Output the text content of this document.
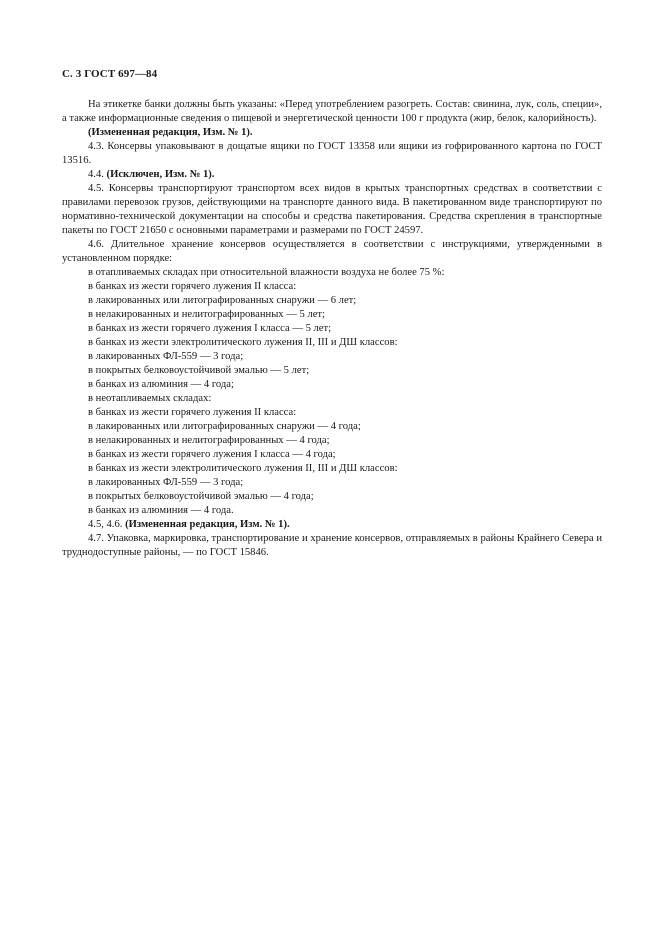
С. 3 ГОСТ 697—84

На этикетке банки должны быть указаны: «Перед употреблением разогреть. Состав: свинина, лук, соль, специи», а также информационные сведения о пищевой и энергетической ценности 100 г продукта (жир, белок, калорийность).

(Измененная редакция, Изм. № 1).

4.3. Консервы упаковывают в дощатые ящики по ГОСТ 13358 или ящики из гофрированного картона по ГОСТ 13516.

4.4. (Исключен, Изм. № 1).

4.5. Консервы транспортируют транспортом всех видов в крытых транспортных средствах в соответствии с правилами перевозок грузов, действующими на транспорте данного вида. В пакетированном виде транспортируют по нормативно-технической документации на способы и средства пакетирования. Средства скрепления в транспортные пакеты по ГОСТ 21650 с основными параметрами и размерами по ГОСТ 24597.

4.6. Длительное хранение консервов осуществляется в соответствии с инструкциями, утвержденными в установленном порядке:

в отапливаемых складах при относительной влажности воздуха не более 75 %:

в банках из жести горячего лужения II класса:

в лакированных или литографированных снаружи — 6 лет;

в нелакированных и нелитографированных — 5 лет;

в банках из жести горячего лужения I класса — 5 лет;

в банках из жести электролитического лужения II, III и ДШ классов:

в лакированных ФЛ-559 — 3 года;

в покрытых белковоустойчивой эмалью — 5 лет;

в банках из алюминия — 4 года;

в неотапливаемых складах:

в банках из жести горячего лужения II класса:

в лакированных или литографированных снаружи — 4 года;

в нелакированных и нелитографированных — 4 года;

в банках из жести горячего лужения I класса — 4 года;

в банках из жести электролитического лужения II, III и ДШ классов:

в лакированных ФЛ-559 — 3 года;

в покрытых белковоустойчивой эмалью — 4 года;

в банках из алюминия — 4 года.

4.5, 4.6. (Измененная редакция, Изм. № 1).

4.7. Упаковка, маркировка, транспортирование и хранение консервов, отправляемых в районы Крайнего Севера и труднодоступные районы, — по ГОСТ 15846.
